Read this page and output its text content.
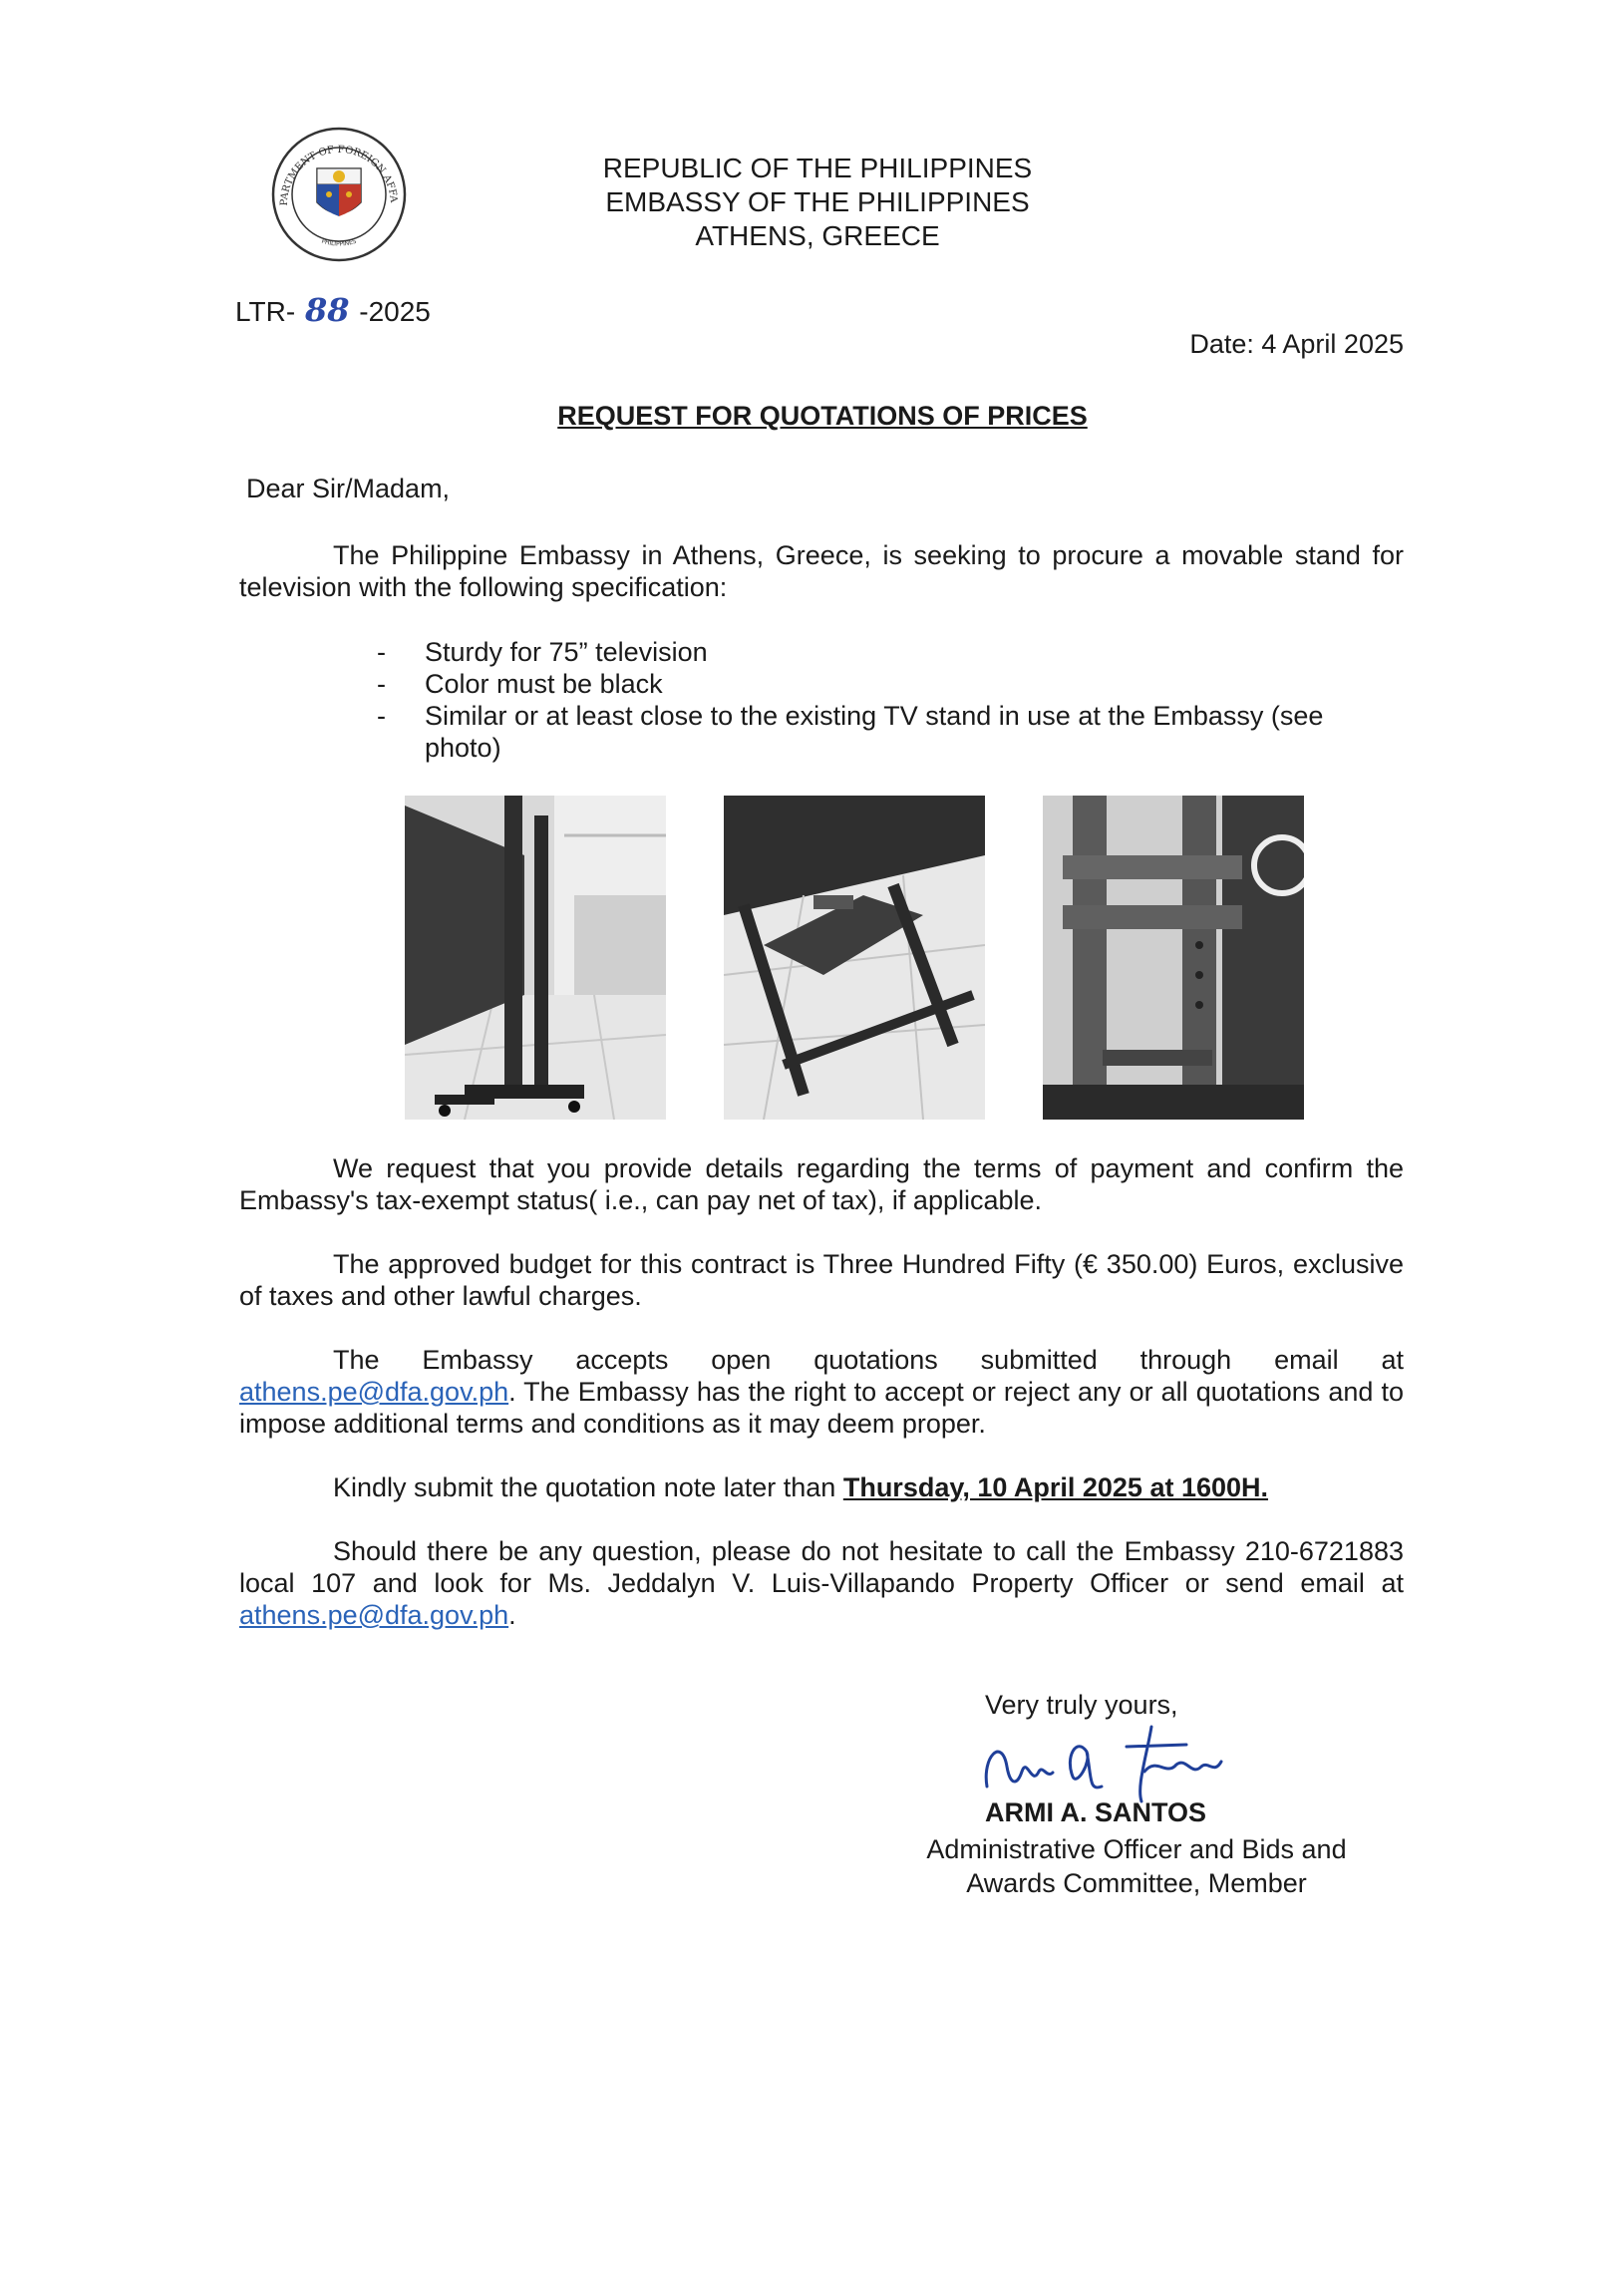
PARTMENT OF FOREIGN AFFA
PHILIPPINES
REPUBLIC OF THE PHILIPPINES
EMBASSY OF THE PHILIPPINES
ATHENS, GREECE
LTR- 88 -2025
Date: 4 April 2025
REQUEST FOR QUOTATIONS OF PRICES
Dear Sir/Madam,
The Philippine Embassy in Athens, Greece, is seeking to procure a movable stand for television with the following specification:
- Sturdy for 75” television
- Color must be black
- Similar or at least close to the existing TV stand in use at the Embassy (see photo)
We request that you provide details regarding the terms of payment and confirm the Embassy's tax-exempt status( i.e., can pay net of tax), if applicable.
The approved budget for this contract is Three Hundred Fifty (€ 350.00) Euros, exclusive of taxes and other lawful charges.
The Embassy accepts open quotations submitted through email at athens.pe@dfa.gov.ph. The Embassy has the right to accept or reject any or all quotations and to impose additional terms and conditions as it may deem proper.
Kindly submit the quotation note later than Thursday, 10 April 2025 at 1600H.
Should there be any question, please do not hesitate to call the Embassy 210-6721883 local 107 and look for Ms. Jeddalyn V. Luis-Villapando Property Officer or send email at athens.pe@dfa.gov.ph.
Very truly yours,
ARMI A. SANTOS
Administrative Officer and Bids and
Awards Committee, Member
